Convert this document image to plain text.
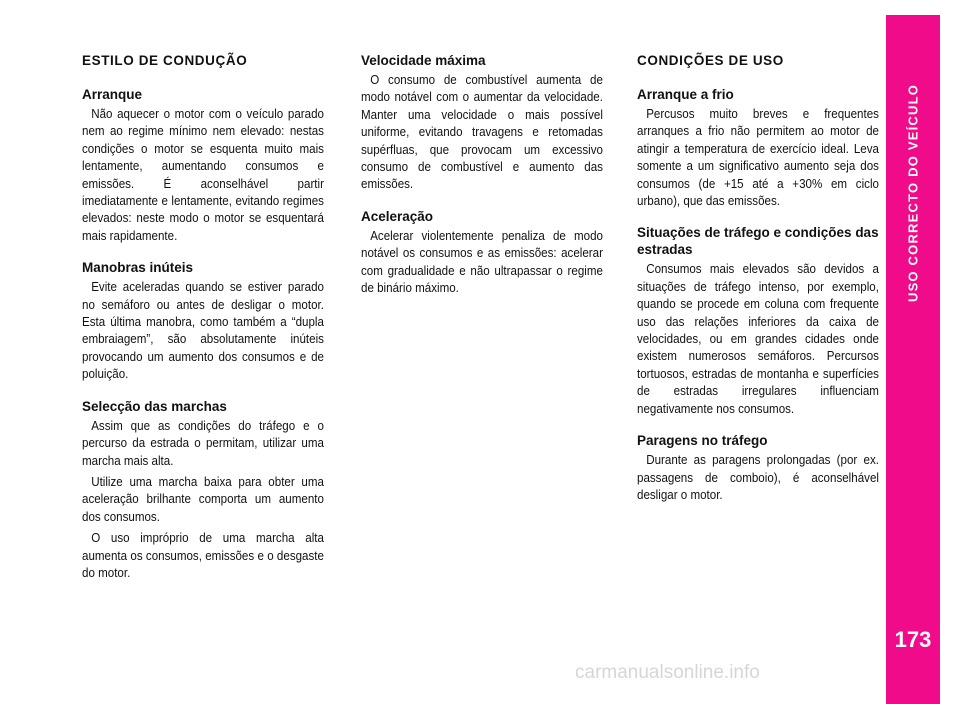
ESTILO DE CONDUÇÃO
Arranque

Não aquecer o motor com o veículo parado nem ao regime mínimo nem elevado: nestas condições o motor se esquenta muito mais lentamente, aumentando consumos e emissões. É aconselhável partir imediatamente e lentamente, evitando regimes elevados: neste modo o motor se esquentará mais rapidamente.

Manobras inúteis

Evite aceleradas quando se estiver parado no semáforo ou antes de desligar o motor. Esta última manobra, como também a “dupla embraiagem”, são absolutamente inúteis provocando um aumento dos consumos e de poluição.

Selecção das marchas

Assim que as condições do tráfego e o percurso da estrada o permitam, utilizar uma marcha mais alta.

Utilize uma marcha baixa para obter uma aceleração brilhante comporta um aumento dos consumos.

O uso impróprio de uma marcha alta aumenta os consumos, emissões e o desgaste do motor.

Velocidade máxima

O consumo de combustível aumenta de modo notável com o aumentar da velocidade. Manter uma velocidade o mais possível uniforme, evitando travagens e retomadas supérfluas, que provocam um excessivo consumo de combustível e aumento das emissões.

Aceleração

Acelerar violentemente penaliza de modo notável os consumos e as emissões: acelerar com gradualidade e não ultrapassar o regime de binário máximo.

CONDIÇÕES DE USO
Arranque a frio

Percusos muito breves e frequentes arranques a frio não permitem ao motor de atingir a temperatura de exercício ideal. Leva somente a um significativo aumento seja dos consumos (de +15 até a +30% em ciclo urbano), que das emissões.

Situações de tráfego e condições das estradas

Consumos mais elevados são devidos a situações de tráfego intenso, por exemplo, quando se procede em coluna com frequente uso das relações inferiores da caixa de velocidades, ou em grandes cidades onde existem numerosos semáforos. Percursos tortuosos, estradas de montanha e superfícies de estradas irregulares influenciam negativamente nos consumos.

Paragens no tráfego

Durante as paragens prolongadas (por ex. passagens de comboio), é aconselhável desligar o motor.

USO CORRECTO DO VEÍCULO
173
carmanualsonline.info
